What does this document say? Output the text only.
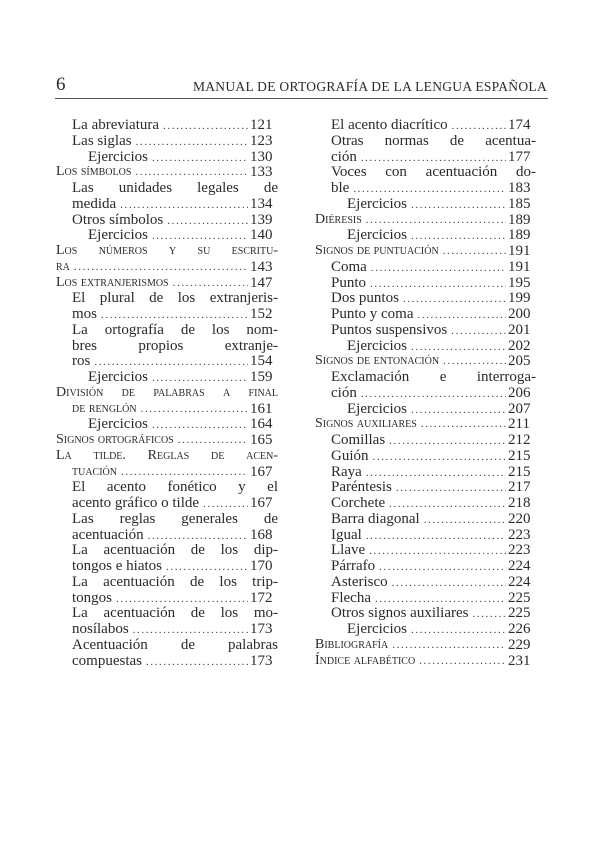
6	MANUAL DE ORTOGRAFÍA DE LA LENGUA ESPAÑOLA
121
La abreviatura
.....
123
Las siglas
.....
130
Ejercicios
.....
133
Los símbolos
.....
Las unidades legales de
134
medida
.....
139
Otros símbolos
.....
140
Ejercicios
.....
Los números y su escritu-
143
ra
.....
147
Los extranjerismos
.....
El plural de los extranjeris-
152
mos
.....
La ortografía de los nom-
bres propios extranje-
154
ros
.....
159
Ejercicios
.....
División de palabras a final
161
de renglón
.....
164
Ejercicios
.....
165
Signos ortográficos
.....
La tilde. Reglas de acen-
167
tuación
.....
El acento fonético y el
167
acento gráfico o tilde
.....
Las reglas generales de
168
acentuación
.....
La acentuación de los dip-
170
tongos e hiatos
.....
La acentuación de los trip-
172
tongos
.....
La acentuación de los mo-
173
nosílabos
.....
Acentuación de palabras
173
compuestas
.....
174
El acento diacrítico
.....
Otras normas de acentua-
177
ción
.....
Voces con acentuación do-
183
ble
.....
185
Ejercicios
.....
189
Diéresis
.....
189
Ejercicios
.....
191
Signos de puntuación
.....
191
Coma
.....
195
Punto
.....
199
Dos puntos
.....
200
Punto y coma
.....
201
Puntos suspensivos
.....
202
Ejercicios
.....
205
Signos de entonación
.....
Exclamación e interroga-
206
ción
.....
207
Ejercicios
.....
211
Signos auxiliares
.....
212
Comillas
.....
215
Guión
.....
215
Raya
.....
217
Paréntesis
.....
218
Corchete
.....
220
Barra diagonal
.....
223
Igual
.....
223
Llave
.....
224
Párrafo
.....
224
Asterisco
.....
225
Flecha
.....
225
Otros signos auxiliares
.....
226
Ejercicios
.....
229
Bibliografía
.....
231
Índice alfabético
.....
